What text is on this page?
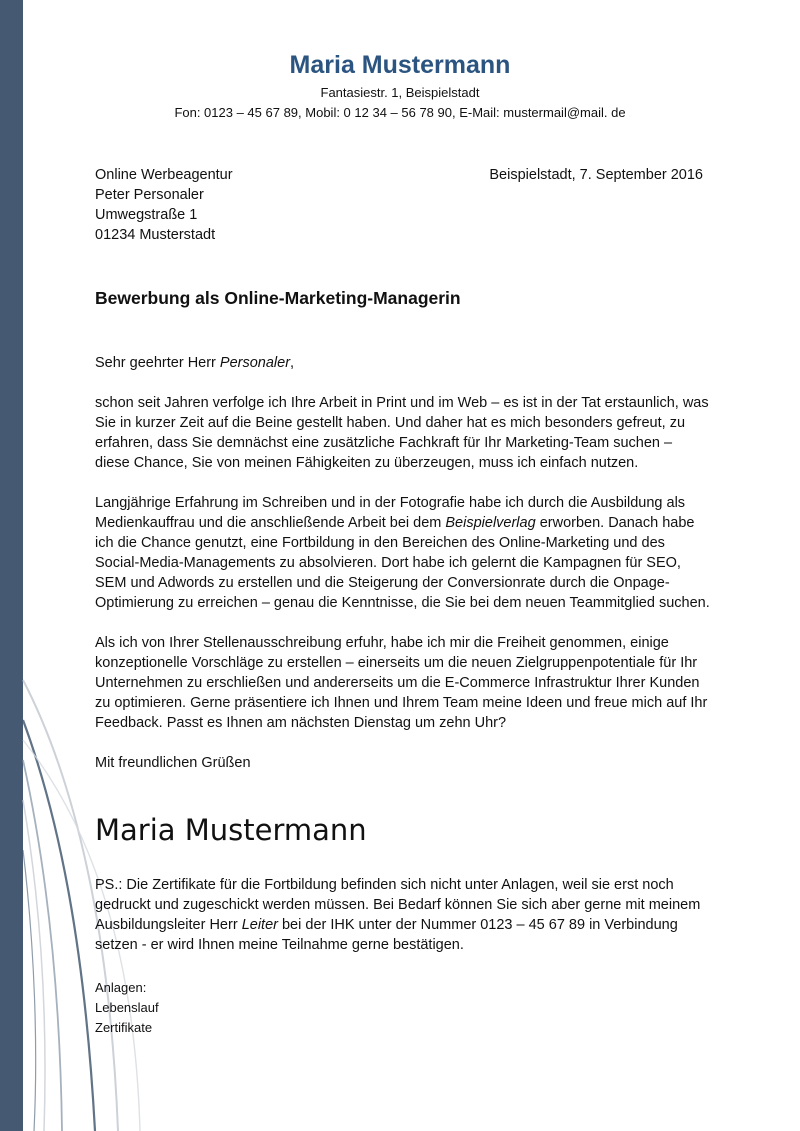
Maria Mustermann
Fantasiestr. 1, Beispielstadt
Fon: 0123 – 45 67 89, Mobil: 0 12 34 – 56 78 90, E-Mail: mustermail@mail. de
Online Werbeagentur
Peter Personaler
Umwegstraße 1
01234 Musterstadt
Beispielstadt, 7. September 2016
Bewerbung als Online-Marketing-Managerin

Sehr geehrter Herr Personaler,

schon seit Jahren verfolge ich Ihre Arbeit in Print und im Web – es ist in der Tat erstaunlich, was Sie in kurzer Zeit auf die Beine gestellt haben. Und daher hat es mich besonders gefreut, zu erfahren, dass Sie demnächst eine zusätzliche Fachkraft für Ihr Marketing-Team suchen – diese Chance, Sie von meinen Fähigkeiten zu überzeugen, muss ich einfach nutzen.

Langjährige Erfahrung im Schreiben und in der Fotografie habe ich durch die Ausbildung als Medienkauffrau und die anschließende Arbeit bei dem Beispielverlag erworben. Danach habe ich die Chance genutzt, eine Fortbildung in den Bereichen des Online-Marketing und des Social-Media-Managements zu absolvieren. Dort habe ich gelernt die Kampagnen für SEO, SEM und Adwords zu erstellen und die Steigerung der Conversionrate durch die Onpage-Optimierung zu erreichen – genau die Kenntnisse, die Sie bei dem neuen Teammitglied suchen.

Als ich von Ihrer Stellenausschreibung erfuhr, habe ich mir die Freiheit genommen, einige konzeptionelle Vorschläge zu erstellen – einerseits um die neuen Zielgruppenpotentiale für Ihr Unternehmen zu erschließen und andererseits um die E-Commerce Infrastruktur Ihrer Kunden zu optimieren. Gerne präsentiere ich Ihnen und Ihrem Team meine Ideen und freue mich auf Ihr Feedback. Passt es Ihnen am nächsten Dienstag um zehn Uhr?

Mit freundlichen Grüßen

Maria Mustermann

PS.: Die Zertifikate für die Fortbildung befinden sich nicht unter Anlagen, weil sie erst noch gedruckt und zugeschickt werden müssen. Bei Bedarf können Sie sich aber gerne mit meinem Ausbildungsleiter Herr Leiter bei der IHK unter der Nummer 0123 – 45 67 89 in Verbindung setzen - er wird Ihnen meine Teilnahme gerne bestätigen.

Anlagen:
Lebenslauf
Zertifikate
